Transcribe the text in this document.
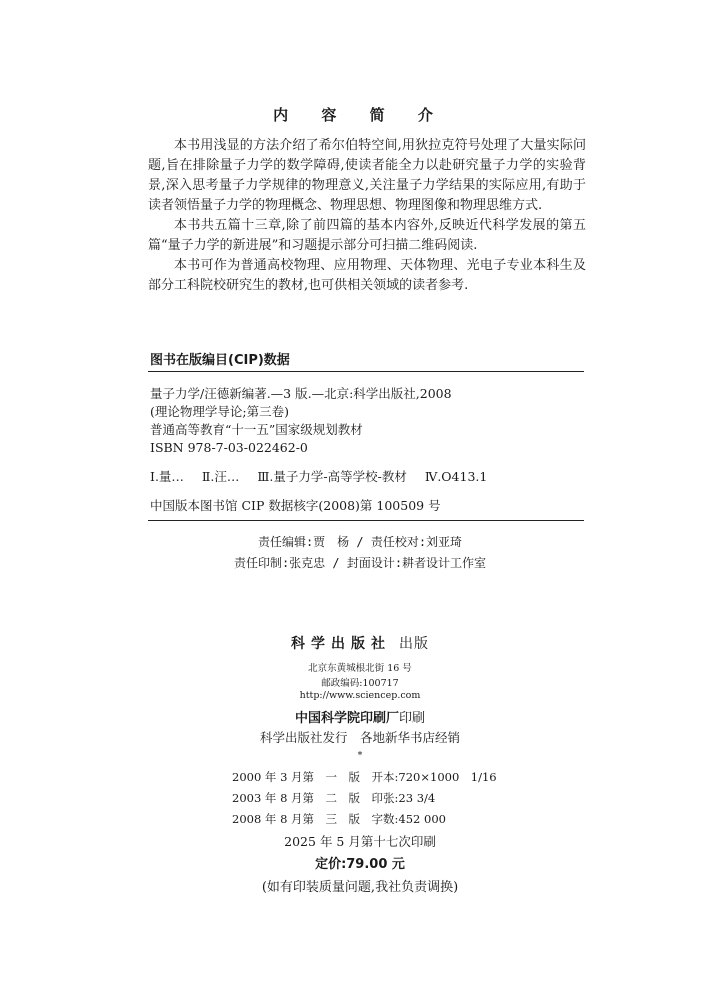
内 容 简 介

本书用浅显的方法介绍了希尔伯特空间,用狄拉克符号处理了大量实际问题,旨在排除量子力学的数学障碍,使读者能全力以赴研究量子力学的实验背景,深入思考量子力学规律的物理意义,关注量子力学结果的实际应用,有助于读者领悟量子力学的物理概念、物理思想、物理图像和物理思维方式.

本书共五篇十三章,除了前四篇的基本内容外,反映近代科学发展的第五篇“量子力学的新进展”和习题提示部分可扫描二维码阅读.

本书可作为普通高校物理、应用物理、天体物理、光电子专业本科生及部分工科院校研究生的教材,也可供相关领域的读者参考.

图书在版编目(CIP)数据
量子力学/汪德新编著.—3 版.—北京:科学出版社,2008
(理论物理学导论;第三卷)
普通高等教育“十一五”国家级规划教材
ISBN 978-7-03-022462-0
Ⅰ.量… Ⅱ.汪… Ⅲ.量子力学-高等学校-教材 Ⅳ.O413.1
中国版本图书馆 CIP 数据核字(2008)第 100509 号
责任编辑:贾　杨 / 责任校对:刘亚琦
责任印制:张克忠 / 封面设计:耕者设计工作室
科学出版社 出版
北京东黄城根北街 16 号
邮政编码:100717
http://www.sciencep.com
中国科学院印刷厂印刷
科学出版社发行　各地新华书店经销
*
2000 年 3 月第　一　版　开本:720×1000　1/16
2003 年 8 月第　二　版　印张:23 3/4
2008 年 8 月第　三　版　字数:452 000
2025 年 5 月第十七次印刷
定价:79.00 元
(如有印装质量问题,我社负责调换)
